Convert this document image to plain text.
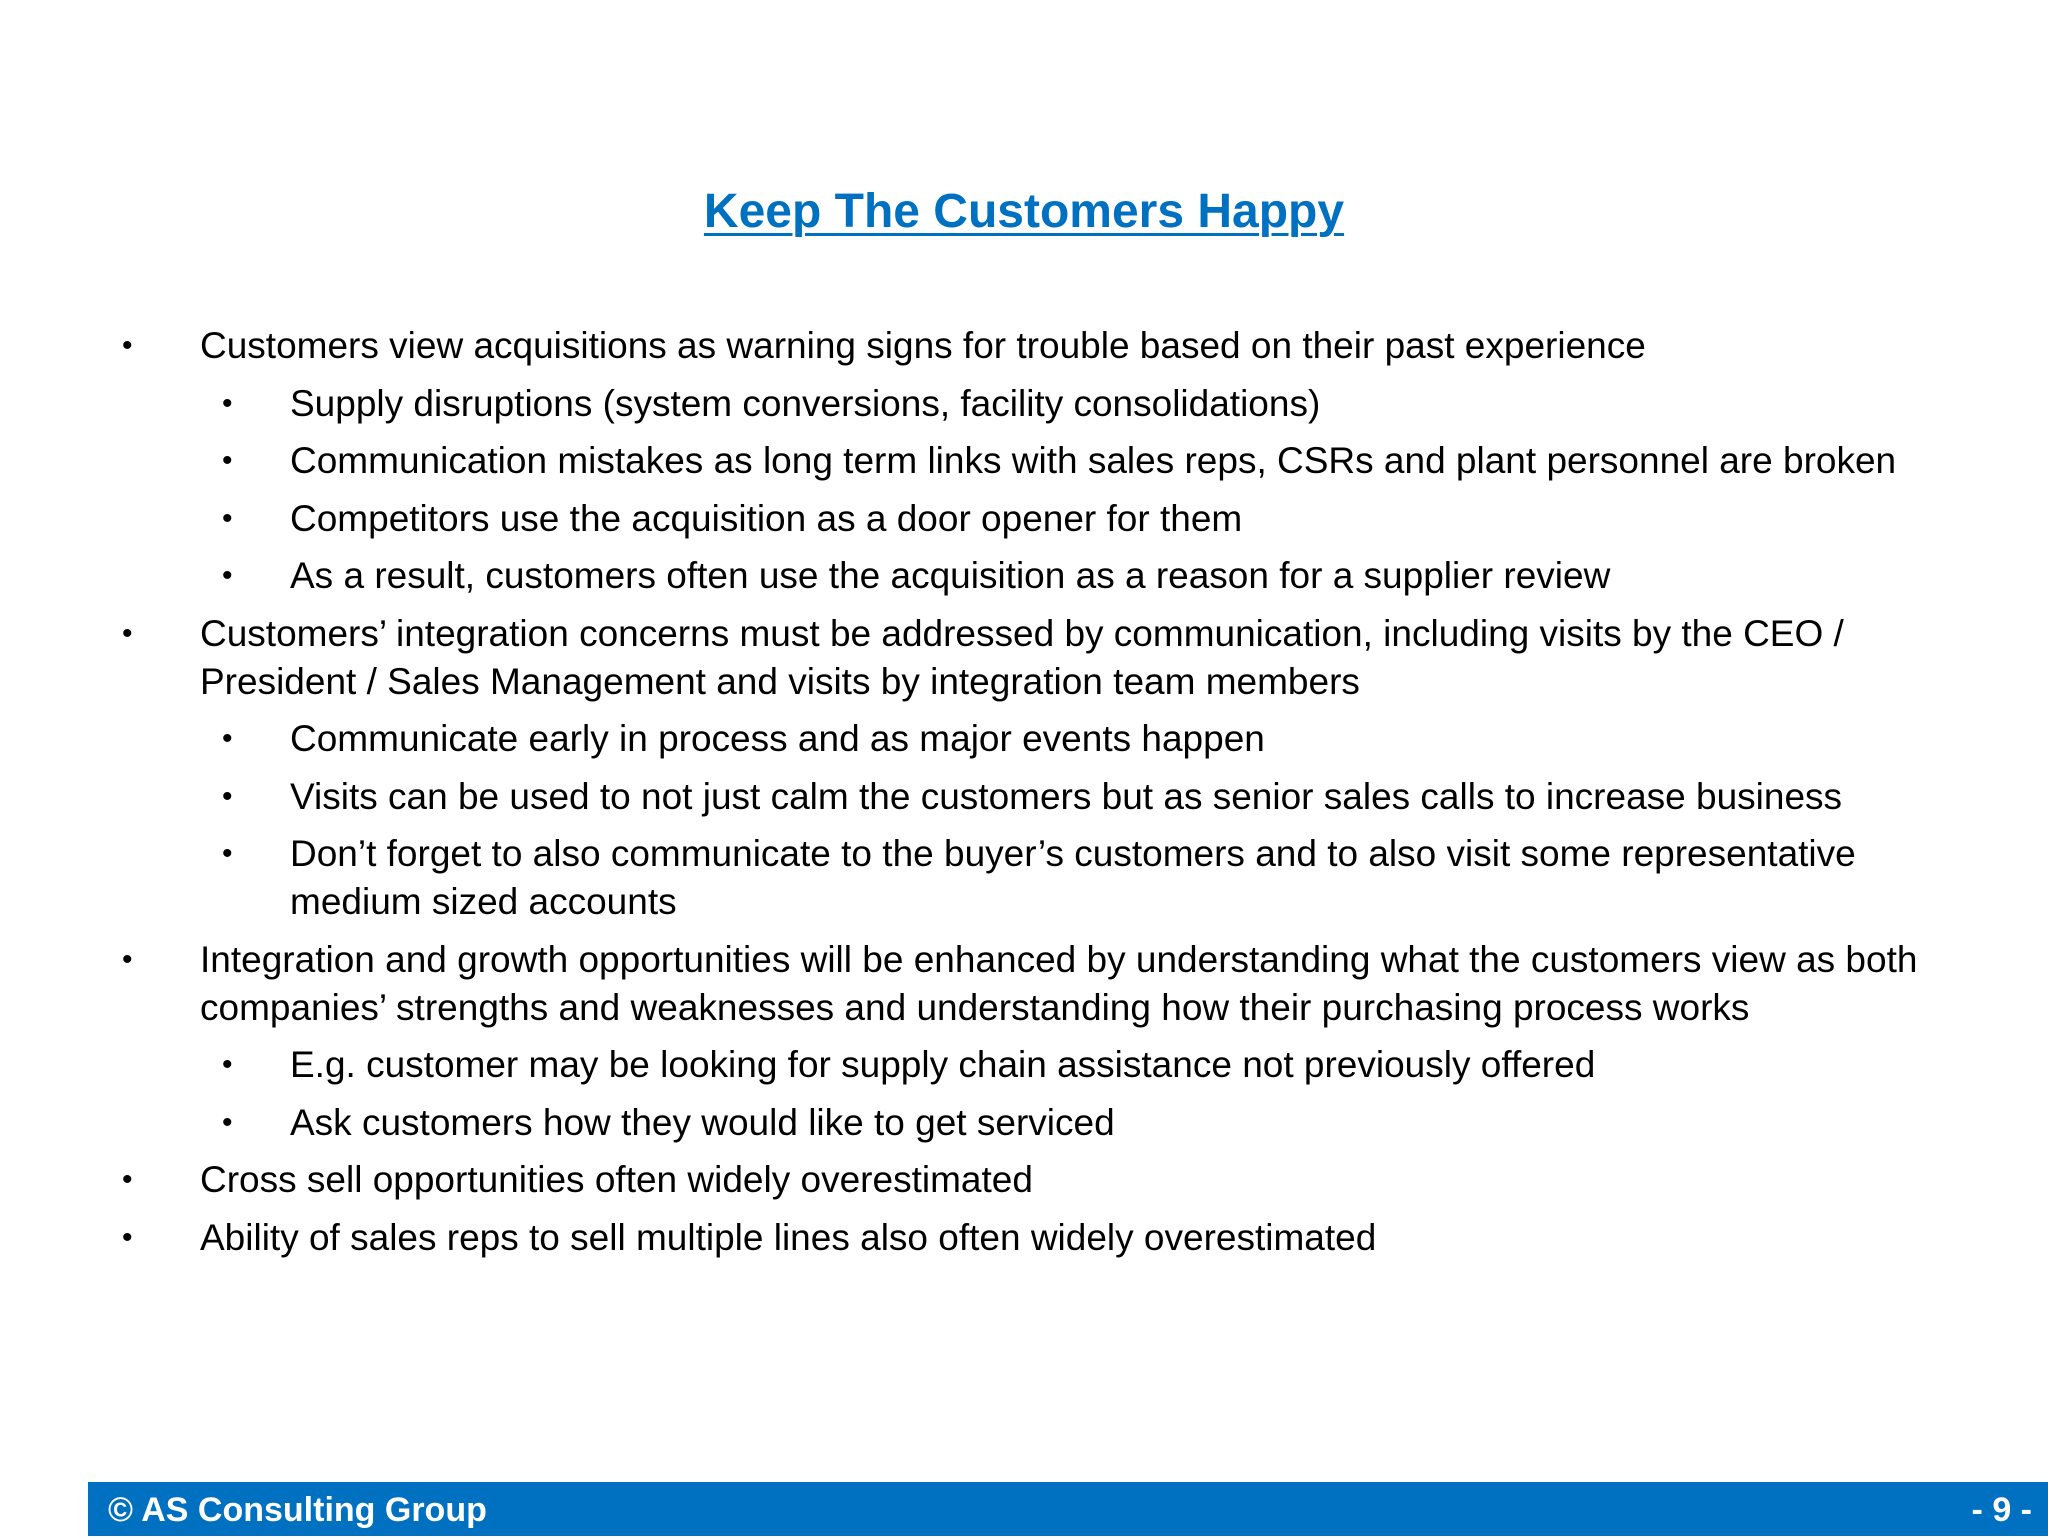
Keep The Customers Happy
• Customers view acquisitions as warning signs for trouble based on their past experience
• Supply disruptions (system conversions, facility consolidations)
• Communication mistakes as long term links with sales reps, CSRs and plant personnel are broken
• Competitors use the acquisition as a door opener for them
• As a result, customers often use the acquisition as a reason for a supplier review
• Customers’ integration concerns must be addressed by communication, including visits by the CEO / President / Sales Management and visits by integration team members
• Communicate early in process and as major events happen
• Visits can be used to not just calm the customers but as senior sales calls to increase business
• Don’t forget to also communicate to the buyer’s customers and to also visit some representative medium sized accounts
• Integration and growth opportunities will be enhanced by understanding what the customers view as both companies’ strengths and weaknesses and understanding how their purchasing process works
• E.g. customer may be looking for supply chain assistance not previously offered
• Ask customers how they would like to get serviced
• Cross sell opportunities often widely overestimated
• Ability of sales reps to sell multiple lines also often widely overestimated
© AS Consulting Group	- 9 -
